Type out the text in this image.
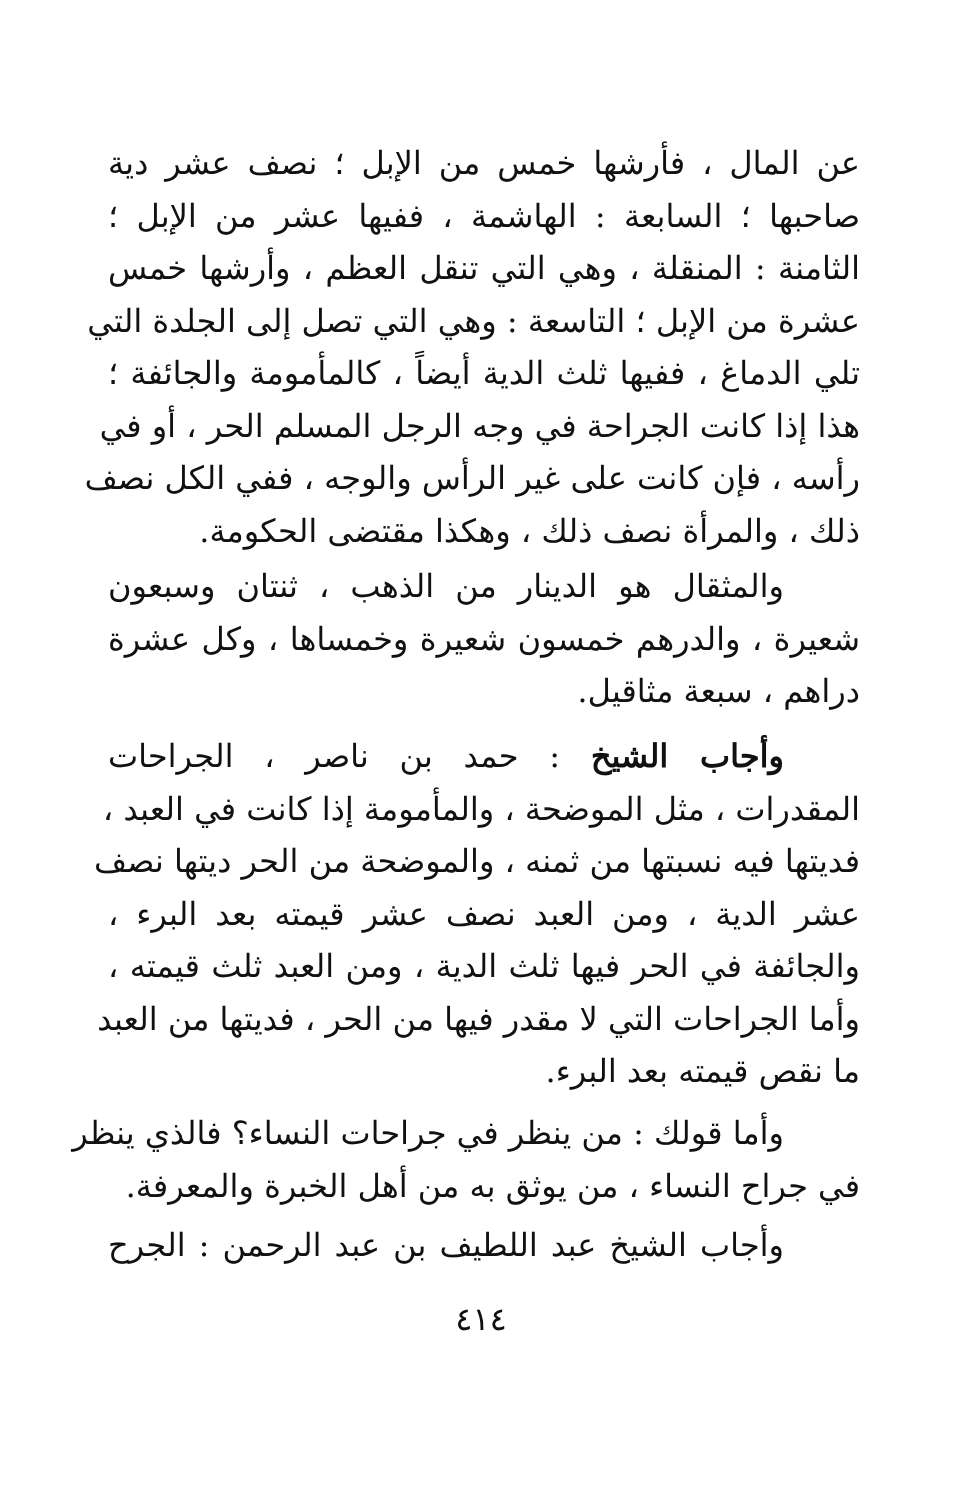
عن المال ، فأرشها خمس من الإبل ؛ نصف عشر دية
صاحبها ؛ السابعة : الهاشمة ، ففيها عشر من الإبل ؛
الثامنة : المنقلة ، وهي التي تنقل العظم ، وأرشها خمس
عشرة من الإبل ؛ التاسعة : وهي التي تصل إلى الجلدة التي
تلي الدماغ ، ففيها ثلث الدية أيضاً ، كالمأمومة والجائفة ؛
هذا إذا كانت الجراحة في وجه الرجل المسلم الحر ، أو في
رأسه ، فإن كانت على غير الرأس والوجه ، ففي الكل نصف
ذلك ، والمرأة نصف ذلك ، وهكذا مقتضى الحكومة.
والمثقال هو الدينار من الذهب ، ثنتان وسبعون
شعيرة ، والدرهم خمسون شعيرة وخمساها ، وكل عشرة
دراهم ، سبعة مثاقيل.
وأجاب الشيخ : حمد بن ناصر ، الجراحات
المقدرات ، مثل الموضحة ، والمأمومة إذا كانت في العبد ،
فديتها فيه نسبتها من ثمنه ، والموضحة من الحر ديتها نصف
عشر الدية ، ومن العبد نصف عشر قيمته بعد البرء ،
والجائفة في الحر فيها ثلث الدية ، ومن العبد ثلث قيمته ،
وأما الجراحات التي لا مقدر فيها من الحر ، فديتها من العبد
ما نقص قيمته بعد البرء.
وأما قولك : من ينظر في جراحات النساء؟ فالذي ينظر
في جراح النساء ، من يوثق به من أهل الخبرة والمعرفة.
وأجاب الشيخ عبد اللطيف بن عبد الرحمن : الجرح
٤١٤
